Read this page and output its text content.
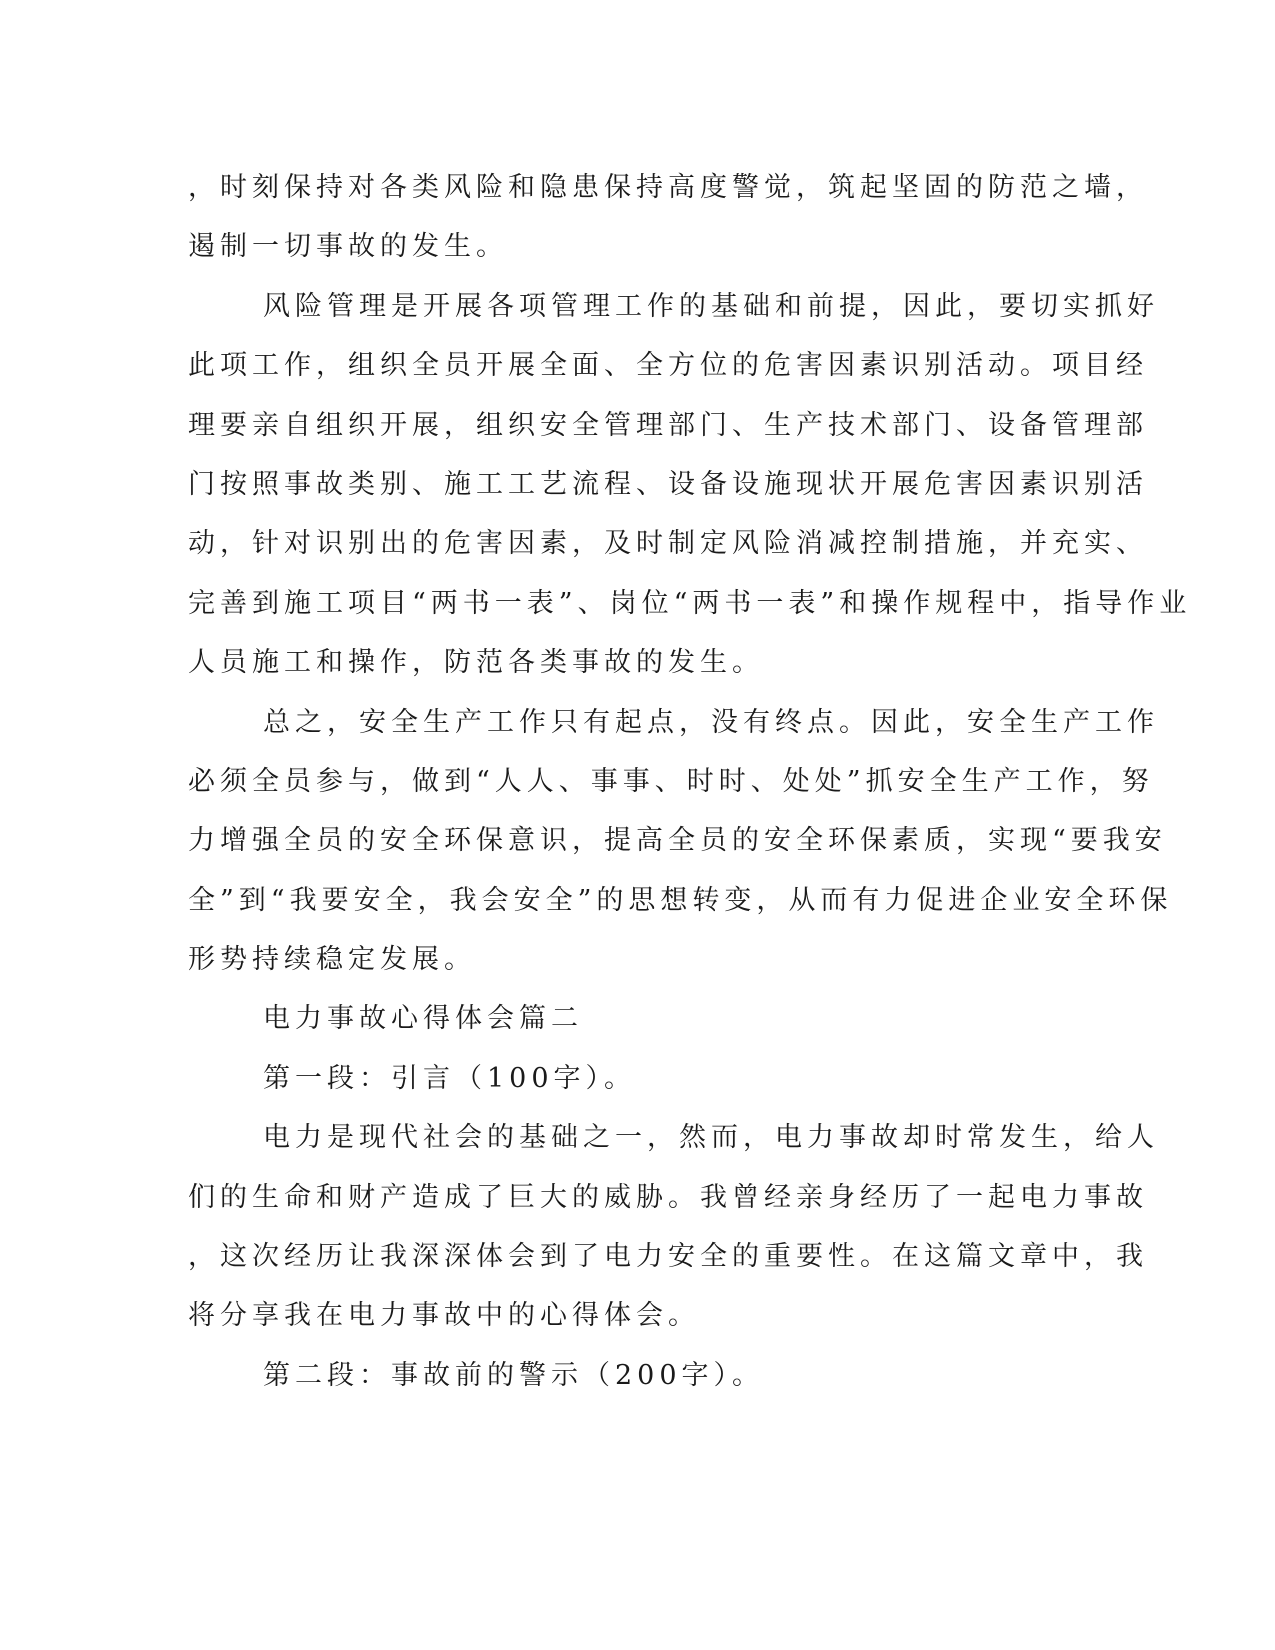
，时刻保持对各类风险和隐患保持高度警觉，筑起坚固的防范之墙，
遏制一切事故的发生。
风险管理是开展各项管理工作的基础和前提，因此，要切实抓好
此项工作，组织全员开展全面、全方位的危害因素识别活动。项目经
理要亲自组织开展，组织安全管理部门、生产技术部门、设备管理部
门按照事故类别、施工工艺流程、设备设施现状开展危害因素识别活
动，针对识别出的危害因素，及时制定风险消减控制措施，并充实、
完善到施工项目“两书一表”、岗位“两书一表”和操作规程中，指导作业
人员施工和操作，防范各类事故的发生。
总之，安全生产工作只有起点，没有终点。因此，安全生产工作
必须全员参与，做到“人人、事事、时时、处处”抓安全生产工作，努
力增强全员的安全环保意识，提高全员的安全环保素质，实现“要我安
全”到“我要安全，我会安全”的思想转变，从而有力促进企业安全环保
形势持续稳定发展。
电力事故心得体会篇二
第一段：引言（100字）。
电力是现代社会的基础之一，然而，电力事故却时常发生，给人
们的生命和财产造成了巨大的威胁。我曾经亲身经历了一起电力事故
，这次经历让我深深体会到了电力安全的重要性。在这篇文章中，我
将分享我在电力事故中的心得体会。
第二段：事故前的警示（200字）。
